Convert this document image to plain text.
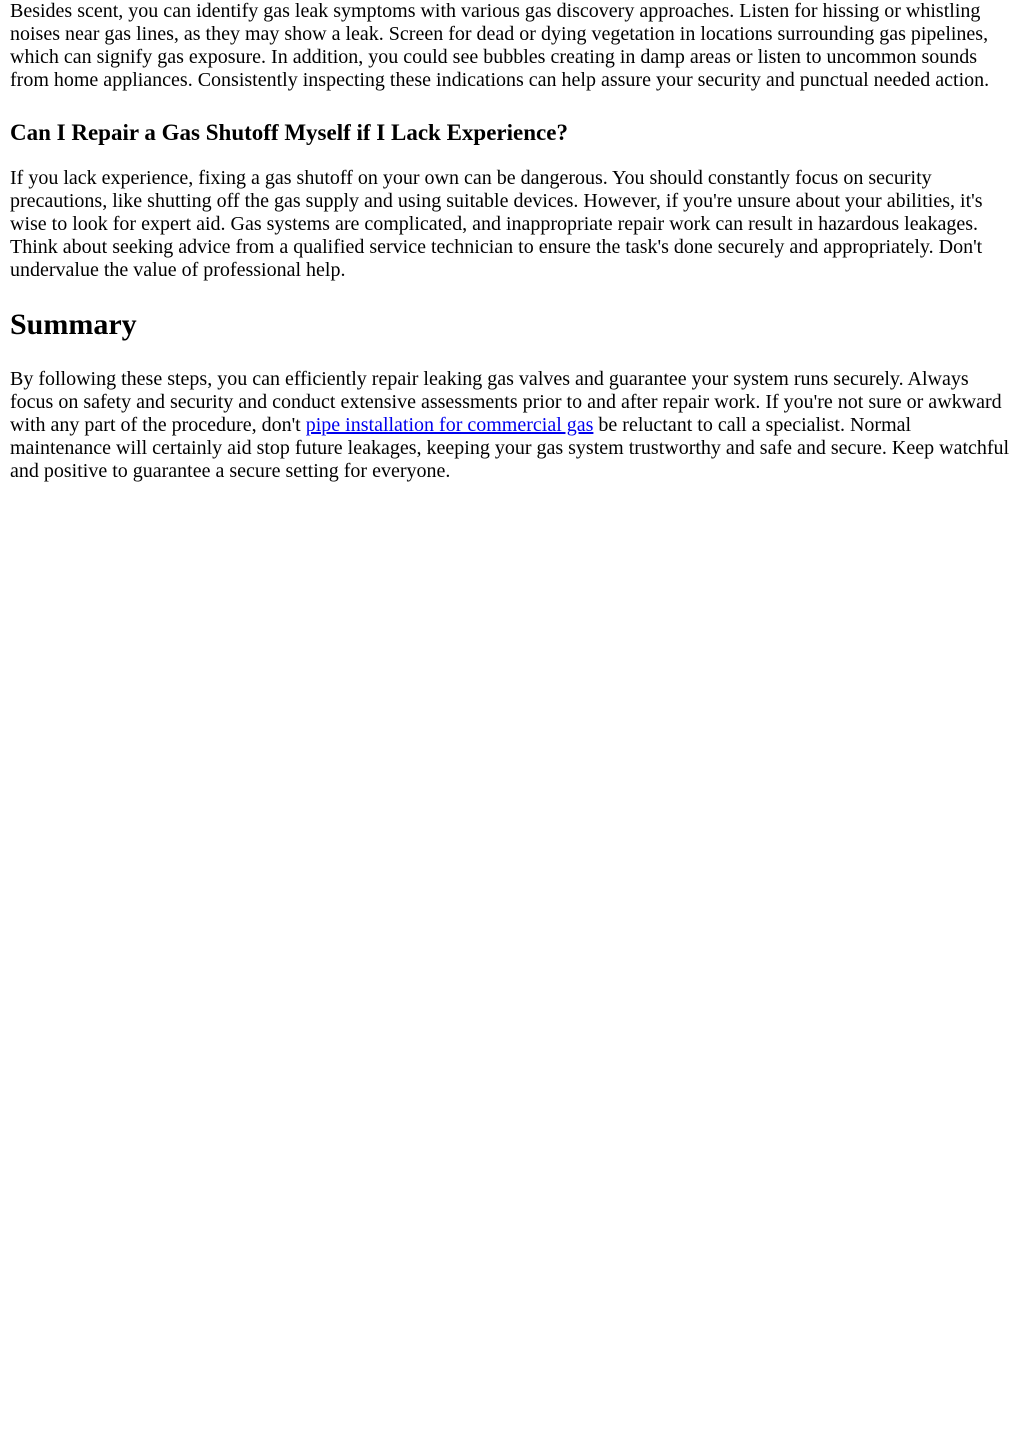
Besides scent, you can identify gas leak symptoms with various gas discovery approaches. Listen for hissing or whistling noises near gas lines, as they may show a leak. Screen for dead or dying vegetation in locations surrounding gas pipelines, which can signify gas exposure. In addition, you could see bubbles creating in damp areas or listen to uncommon sounds from home appliances. Consistently inspecting these indications can help assure your security and punctual needed action.

Can I Repair a Gas Shutoff Myself if I Lack Experience?

If you lack experience, fixing a gas shutoff on your own can be dangerous. You should constantly focus on security precautions, like shutting off the gas supply and using suitable devices. However, if you're unsure about your abilities, it's wise to look for expert aid. Gas systems are complicated, and inappropriate repair work can result in hazardous leakages. Think about seeking advice from a qualified service technician to ensure the task's done securely and appropriately. Don't undervalue the value of professional help.

Summary

By following these steps, you can efficiently repair leaking gas valves and guarantee your system runs securely. Always focus on safety and security and conduct extensive assessments prior to and after repair work. If you're not sure or awkward with any part of the procedure, don't pipe installation for commercial gas be reluctant to call a specialist. Normal maintenance will certainly aid stop future leakages, keeping your gas system trustworthy and safe and secure. Keep watchful and positive to guarantee a secure setting for everyone.
